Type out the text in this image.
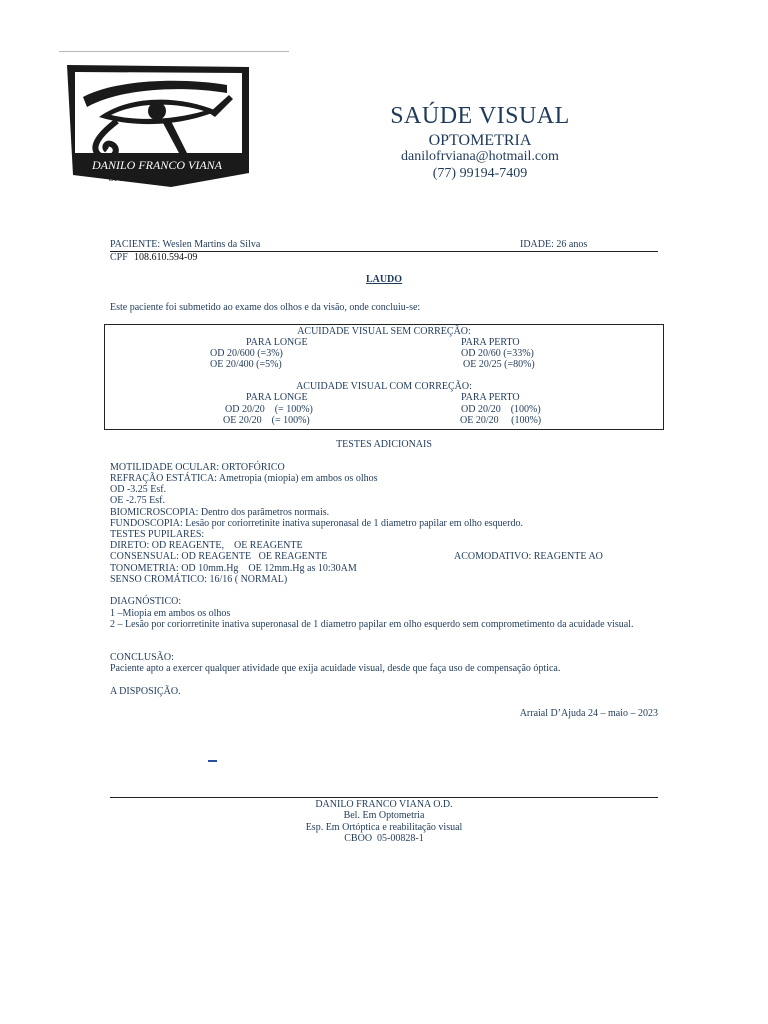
DANILO FRANCO VIANA
OPTOMETRISTA
SAÚDE VISUAL
OPTOMETRIA
danilofrviana@hotmail.com
(77) 99194-7409
PACIENTE: Weslen Martins da Silva	IDADE: 26 anos
CPF 108.610.594-09
LAUDO
Este paciente foi submetido ao exame dos olhos e da visão, onde concluiu-se:
ACUIDADE VISUAL SEM CORREÇÃO:
PARA LONGE	PARA PERTO
OD 20/600 (=3%)	OD 20/60 (=33%)
OE 20/400 (=5%)	OE 20/25 (=80%)
ACUIDADE VISUAL COM CORREÇÃO:
PARA LONGE	PARA PERTO
OD 20/20    (= 100%)	OD 20/20    (100%)
OE 20/20    (= 100%)	OE 20/20     (100%)
TESTES ADICIONAIS
MOTILIDADE OCULAR: ORTOFÓRICO
REFRAÇÃO ESTÁTICA: Ametropia (miopia) em ambos os olhos
OD -3.25 Esf.
OE -2.75 Esf.
BIOMICROSCOPIA: Dentro dos parâmetros normais.
FUNDOSCOPIA: Lesão por coriorretinite inativa superonasal de 1 diametro papilar em olho esquerdo.
TESTES PUPILARES:
DIRETO: OD REAGENTE,    OE REAGENTE
CONSENSUAL: OD REAGENTE   OE REAGENTE	ACOMODATIVO: REAGENTE AO
TONOMETRIA: OD 10mm.Hg    OE 12mm.Hg as 10:30AM
SENSO CROMÁTICO: 16/16 ( NORMAL)
DIAGNÓSTICO:
1 –Miopia em ambos os olhos
2 – Lesão por coriorretinite inativa superonasal de 1 diametro papilar em olho esquerdo sem comprometimento da acuidade visual.
CONCLUSÃO:
Paciente apto a exercer qualquer atividade que exija acuidade visual, desde que faça uso de compensação óptica.
A DISPOSIÇÃO.
Arraial D’Ajuda 24 – maio – 2023
DANILO FRANCO VIANA O.D.
Bel. Em Optometria
Esp. Em Ortóptica e reabilitação visual
CBOO  05-00828-1
